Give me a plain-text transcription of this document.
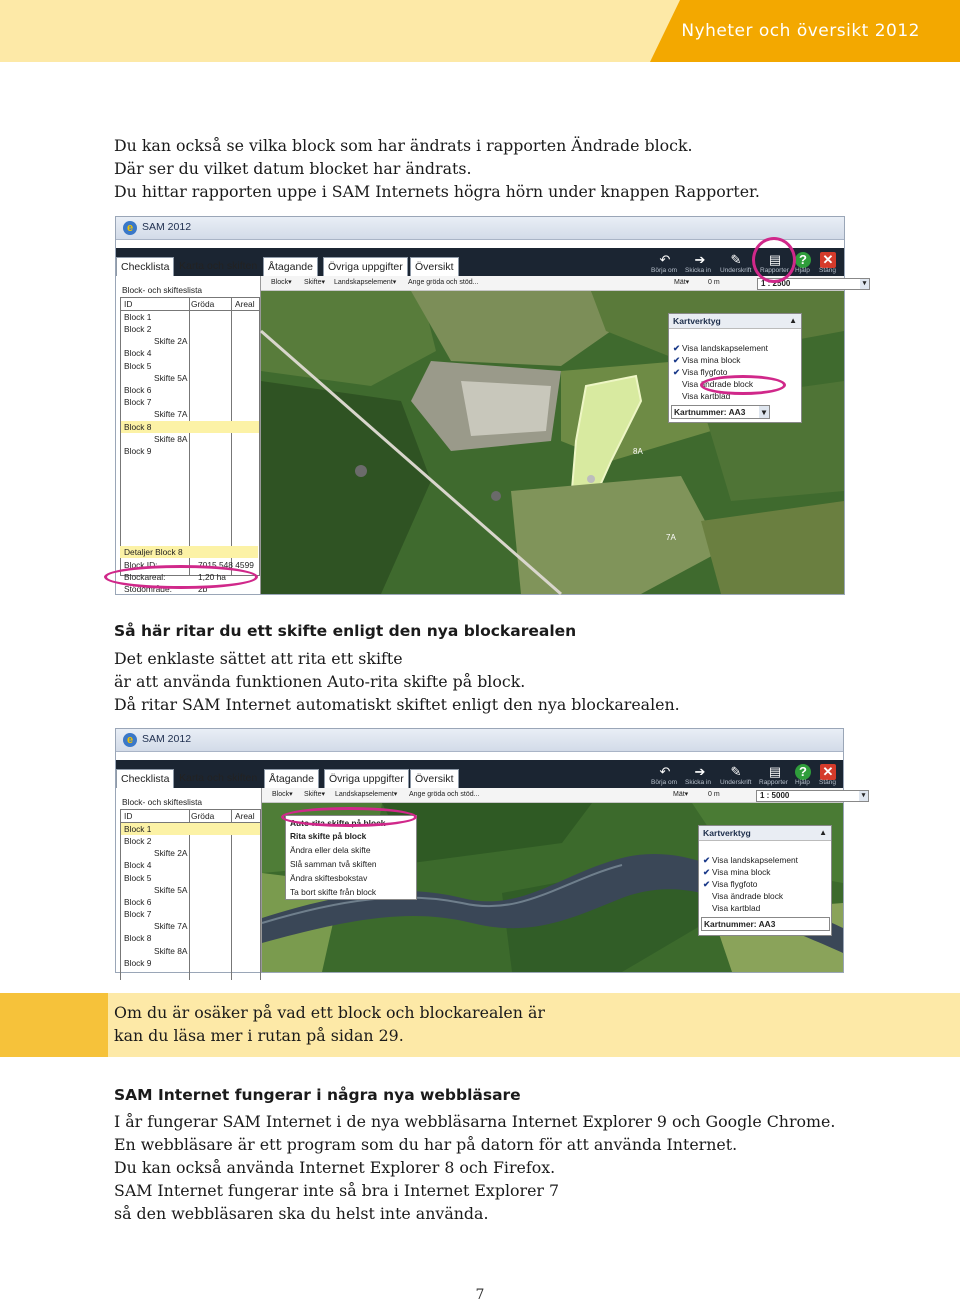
Nyheter och översikt 2012
Du kan också se vilka block som har ändrats i rapporten Ändrade block.
Där ser du vilket datum blocket har ändrats.
Du hittar rapporten uppe i SAM Internets högra hörn under knappen Rapporter.
e SAM 2012
Checklista Karta och skiften	Åtagande	Övriga uppgifter	Översikt	↶
Börja om
➔
Skicka in
✎
Underskrift
▤
Rapporter
?
Hjälp
✕
Stäng
Block▾ Skifte▾ Landskapselement▾ Ange gröda och stöd...	Mät▾	0 m	1 : 2500	▾
Block- och skifteslista
ID	Gröda	Areal
Block 1
Block 2
Skifte 2A
Block 4
Block 5
Skifte 5A
Block 6
Block 7
Skifte 7A
Block 8
Skifte 8A
Block 9
Detaljer Block 8
Block ID:	7015 548 4599
Blockareal:	1,20 ha
Stödområde:	2b
8A
7A
Kartverktyg	▲
✔ Visa landskapselement
✔ Visa mina block
✔ Visa flygfoto
Visa ändrade block
Visa kartblad
Kartnummer: AA3	▾
Så här ritar du ett skifte enligt den nya blockarealen
Det enklaste sättet att rita ett skifte
är att använda funktionen Auto-rita skifte på block.
Då ritar SAM Internet automatiskt skiftet enligt den nya blockarealen.
e SAM 2012
Checklista Karta och skiften	Åtagande	Övriga uppgifter	Översikt	↶
Börja om
➔
Skicka in
✎
Underskrift
▤
Rapporter
?
Hjälp
✕
Stäng
Block▾ Skifte▾ Landskapselement▾ Ange gröda och stöd...	Mät▾	0 m	1 : 5000	▾
Block- och skifteslista
ID	Gröda	Areal
Block 1
Block 2
Skifte 2A
Block 4
Block 5
Skifte 5A
Block 6
Block 7
Skifte 7A
Block 8
Skifte 8A
Block 9
Auto-rita skifte på block
Rita skifte på block
Ändra eller dela skifte
Slå samman två skiften
Ändra skiftesbokstav
Ta bort skifte från block
Kartverktyg	▲
✔ Visa landskapselement
✔ Visa mina block
✔ Visa flygfoto
Visa ändrade block
Visa kartblad
Kartnummer: AA3
Om du är osäker på vad ett block och blockarealen är
kan du läsa mer i rutan på sidan 29.
SAM Internet fungerar i några nya webbläsare
I år fungerar SAM Internet i de nya webbläsarna Internet Explorer 9 och Google Chrome.
En webbläsare är ett program som du har på datorn för att använda Internet.
Du kan också använda Internet Explorer 8 och Firefox.
SAM Internet fungerar inte så bra i Internet Explorer 7
så den webbläsaren ska du helst inte använda.
7
